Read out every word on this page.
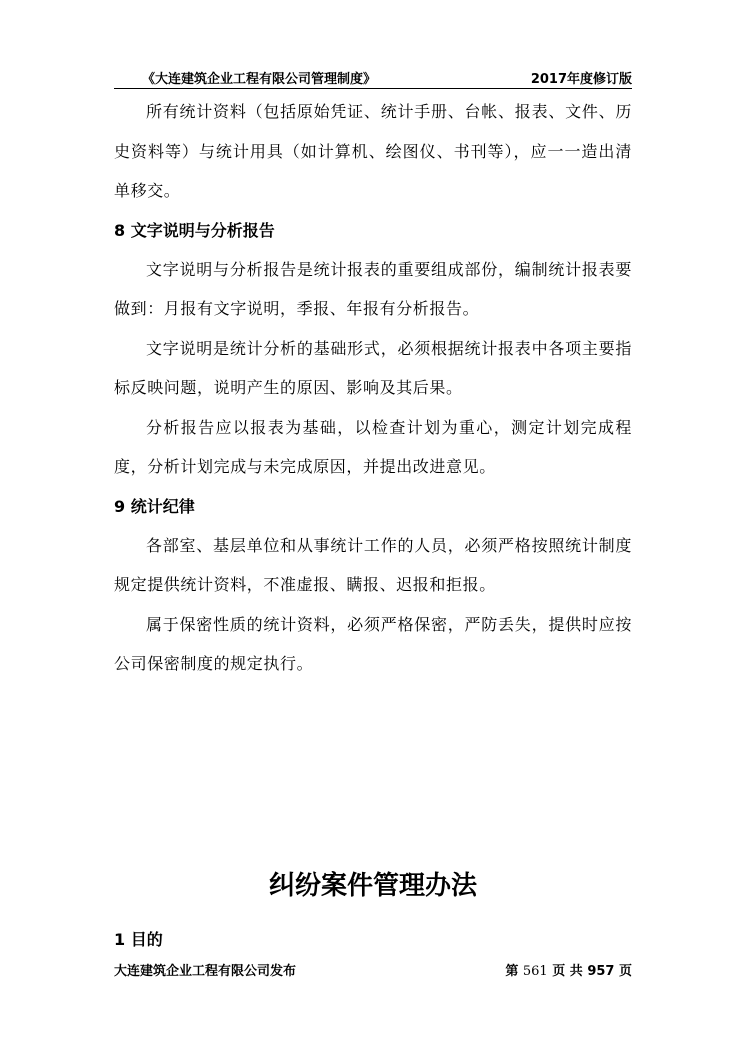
《大连建筑企业工程有限公司管理制度》	2017年度修订版

所有统计资料（包括原始凭证、统计手册、台帐、报表、文件、历史资料等）与统计用具（如计算机、绘图仪、书刊等），应一一造出清单移交。

8 文字说明与分析报告

文字说明与分析报告是统计报表的重要组成部份，编制统计报表要做到：月报有文字说明，季报、年报有分析报告。

文字说明是统计分析的基础形式，必须根据统计报表中各项主要指标反映问题，说明产生的原因、影响及其后果。

分析报告应以报表为基础，以检查计划为重心，测定计划完成程度，分析计划完成与未完成原因，并提出改进意见。

9 统计纪律

各部室、基层单位和从事统计工作的人员，必须严格按照统计制度规定提供统计资料，不准虚报、瞒报、迟报和拒报。

属于保密性质的统计资料，必须严格保密，严防丢失，提供时应按公司保密制度的规定执行。

纠纷案件管理办法
1 目的
大连建筑企业工程有限公司发布	第 561 页 共 957 页
